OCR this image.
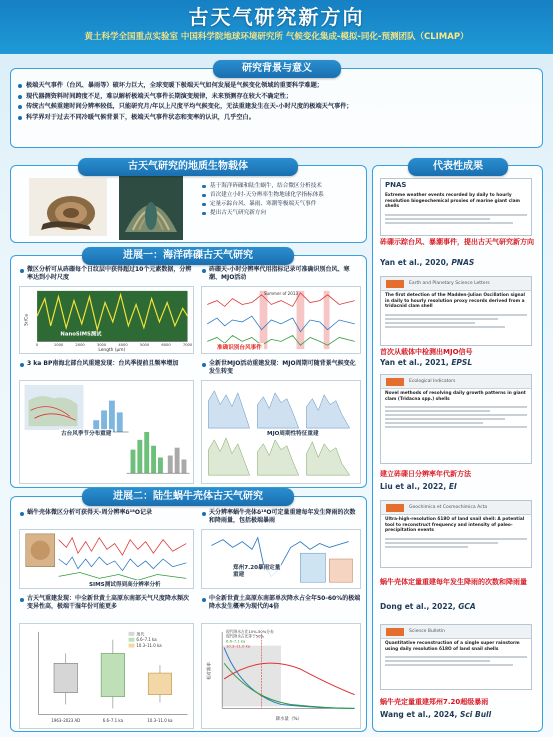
古天气研究新方向
黄土科学全国重点实验室 中国科学院地球环境研究所 气候变化集成-模拟-同化-预测团队（CLIMAP）
极端天气事件（台风、暴雨等）破坏力巨大，全球变暖下极端天气如何发展是气候变化领域的重要科学难题；
现代器测资料时间跨度不足，难以解析极端天气事件长期演变规律，未来预测存在较大不确定性；
传统古气候重建时间分辨率较低，只能研究月/年以上尺度平均气候变化，无法重建发生在天-小时尺度的极端天气事件；
科学界对于过去不同冷暖气候背景下，极端天气事件状态和变率的认识，几乎空白。
研究背景与意义
基于海洋砗磲和陆生蜗牛，结合微区分析技术
首次建立小时-天分辨率生物地球化学指标体系
定量示踪台风、暴雨、寒潮等极端天气事件
提出古天气研究新方向
古天气研究的地质生物载体
微区分析可从砗磲每个日纹层中获得超过10个元素数据，分辨率达到小时尺度
砗磲天-小时分辨率代用指标记录可准确识别台风、寒潮、MJO活动
Length (μm)
Sr/Ca
0	1000	2000	3000	4000	5000	6000	7000
NanoSIMS测试
Summer of 2013
准确识别台风事件
3 ka BP南海北部台风重建发现：台风季提前且频率增加	全新世MJO活动重建发现：MJO周期可随背景气候变化发生转变
古台风季节分布重建	MJO周期性特征重建
进展一：海洋砗磲古天气研究
蜗牛壳体微区分析可获得天-周分辨率δ¹⁸O记录	天分辨率蜗牛壳体δ¹⁸O可定量重建每年发生降雨的次数和降雨量，包括极端暴雨
SIMS测试得到高分辨率分析
郑州7.20暴雨定量重建
古天气重建发现：中全新世黄土高原东南部天气尺度降水频次变异性高，极端干湿年份可能更多
中全新世黄土高原东南部单次降水占全年50-60%的极端降水发生概率为现代的4倍
现代
6.6–7.1 ka
10.3–11.0 ka
1963–2023 AD	6.6–7.1 ka	10.3–11.0 ka
现代降水占比10%-50%分布
现代降水占比等于50%
6.6–7.1 ka
10.3–11.0 ka
降水量（%）
相对频率
进展二：陆生蜗牛壳体古天气研究
代表性成果
PNAS
Extreme weather events recorded by daily to hourly resolution biogeochemical proxies of marine giant clam shells
砗磲示踪台风、暴潮事件，提出古天气研究新方向
Yan et al., 2020, PNAS
Earth and Planetary Science Letters
The first detection of the Madden-Julian Oscillation signal in daily to hourly resolution proxy records derived from a tridacnid clam shell
首次从载体中检测出MJO信号
Yan et al., 2021, EPSL
Ecological Indicators
Novel methods of resolving daily growth patterns in giant clam (Tridacna spp.) shells
建立砗磲日分辨率年代新方法
Liu et al., 2022, EI
Geochimica et Cosmochimica Acta
Ultra-high-resolution δ18O of land snail shell: A potential tool to reconstruct frequency and intensity of paleo-precipitation events
蜗牛壳体定量重建每年发生降雨的次数和降雨量
Dong et al., 2022, GCA
Science Bulletin
Quantitative reconstruction of a single super rainstorm using daily resolution δ18O of land snail shells
蜗牛壳定量重建郑州7.20超级暴雨
Wang et al., 2024, Sci Bull
